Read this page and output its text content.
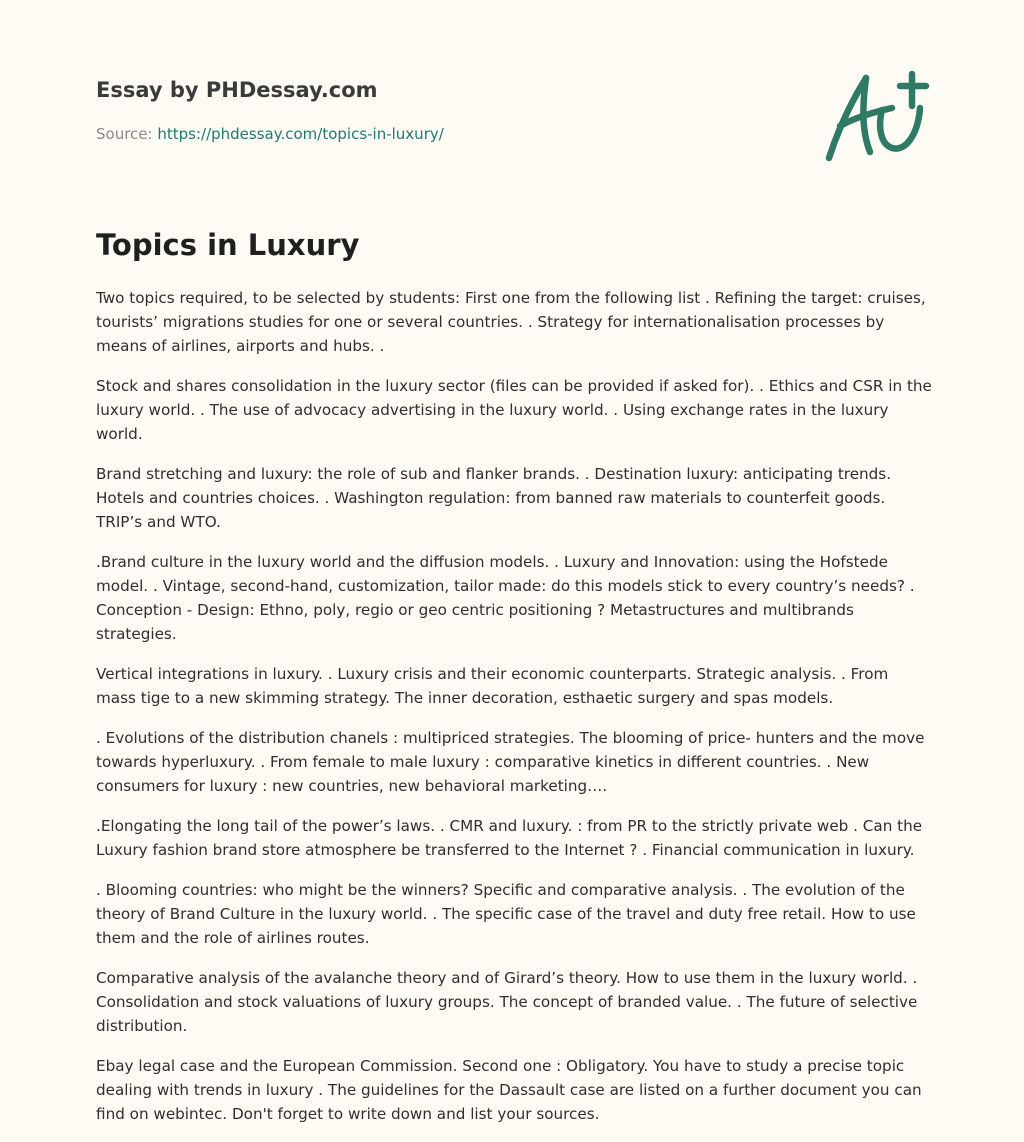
Essay by PHDessay.com
Source: https://phdessay.com/topics-in-luxury/
Topics in Luxury

Two topics required, to be selected by students: First one from the following list . Refining the target: cruises, tourists’ migrations studies for one or several countries. . Strategy for internationalisation processes by means of airlines, airports and hubs. .

Stock and shares consolidation in the luxury sector (files can be provided if asked for). . Ethics and CSR in the luxury world. . The use of advocacy advertising in the luxury world. . Using exchange rates in the luxury world.

Brand stretching and luxury: the role of sub and flanker brands. . Destination luxury: anticipating trends. Hotels and countries choices. . Washington regulation: from banned raw materials to counterfeit goods. TRIP’s and WTO.

.Brand culture in the luxury world and the diffusion models. . Luxury and Innovation: using the Hofstede model. . Vintage, second-hand, customization, tailor made: do this models stick to every country’s needs? . Conception - Design: Ethno, poly, regio or geo centric positioning ? Metastructures and multibrands strategies.

Vertical integrations in luxury. . Luxury crisis and their economic counterparts. Strategic analysis. . From mass tige to a new skimming strategy. The inner decoration, esthaetic surgery and spas models.

. Evolutions of the distribution chanels : multipriced strategies. The blooming of price- hunters and the move towards hyperluxury. . From female to male luxury : comparative kinetics in different countries. . New consumers for luxury : new countries, new behavioral marketing….

.Elongating the long tail of the power’s laws. . CMR and luxury. : from PR to the strictly private web . Can the Luxury fashion brand store atmosphere be transferred to the Internet ? . Financial communication in luxury.

. Blooming countries: who might be the winners? Specific and comparative analysis. . The evolution of the theory of Brand Culture in the luxury world. . The specific case of the travel and duty free retail. How to use them and the role of airlines routes.

Comparative analysis of the avalanche theory and of Girard’s theory. How to use them in the luxury world. . Consolidation and stock valuations of luxury groups. The concept of branded value. . The future of selective distribution.

Ebay legal case and the European Commission. Second one : Obligatory. You have to study a precise topic dealing with trends in luxury . The guidelines for the Dassault case are listed on a further document you can find on webintec. Don't forget to write down and list your sources.
